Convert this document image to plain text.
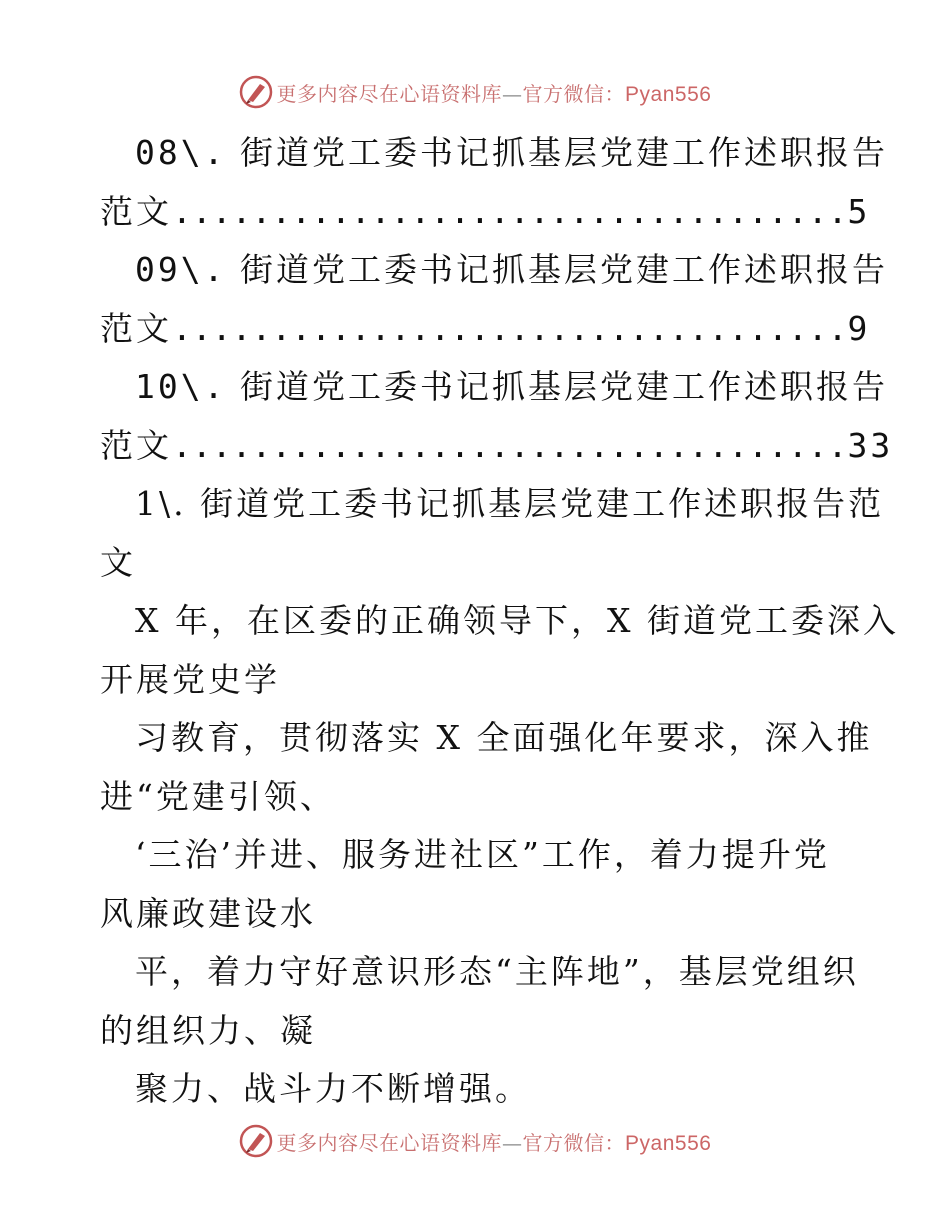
更多内容尽在心语资料库—官方微信：Pyan556
08\. 街道党工委书记抓基层党建工作述职报告
范文..................................5
09\. 街道党工委书记抓基层党建工作述职报告
范文..................................9
10\. 街道党工委书记抓基层党建工作述职报告
范文..................................33
1\. 街道党工委书记抓基层党建工作述职报告范
文
X 年，在区委的正确领导下，X 街道党工委深入
开展党史学
习教育，贯彻落实 X 全面强化年要求，深入推
进“党建引领、
‘三治’并进、服务进社区”工作，着力提升党
风廉政建设水
平，着力守好意识形态“主阵地”，基层党组织
的组织力、凝
聚力、战斗力不断增强。
更多内容尽在心语资料库—官方微信：Pyan556
